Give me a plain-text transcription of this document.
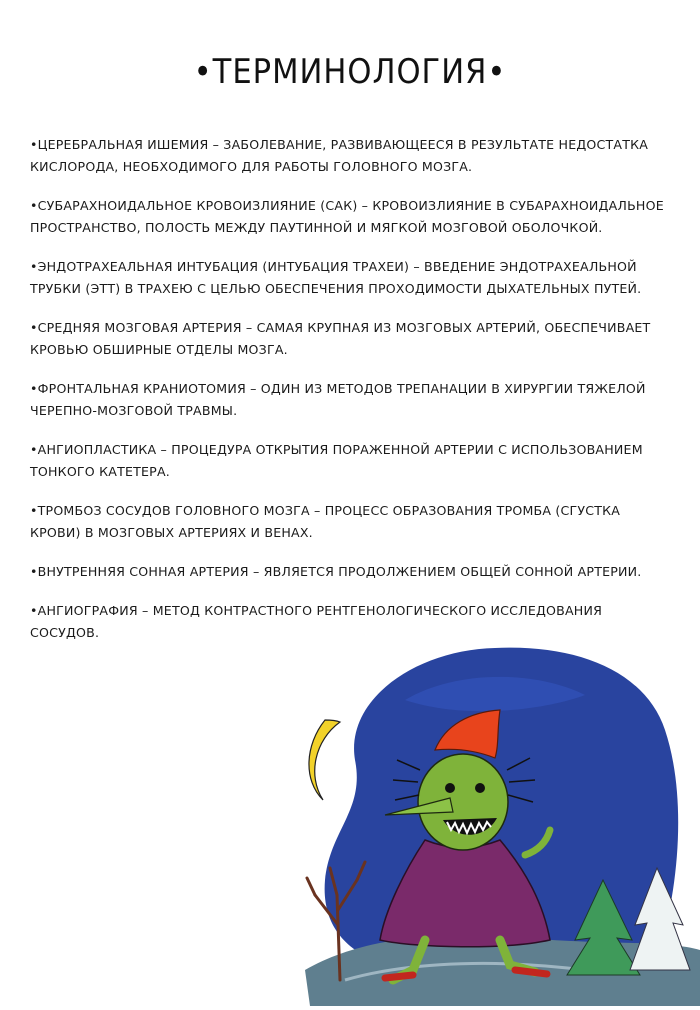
•ТЕРМИНОЛОГИЯ•

•ЦЕРЕБРАЛЬНАЯ ИШЕМИЯ – ЗАБОЛЕВАНИЕ, РАЗВИВАЮЩЕЕСЯ В РЕЗУЛЬТАТЕ НЕДОСТАТКА КИСЛОРОДА, НЕОБХОДИМОГО ДЛЯ РАБОТЫ ГОЛОВНОГО МОЗГА.

•СУБАРАХНОИДАЛЬНОЕ КРОВОИЗЛИЯНИЕ (САК) – КРОВОИЗЛИЯНИЕ В СУБАРАХНОИДАЛЬНОЕ ПРОСТРАНСТВО, ПОЛОСТЬ МЕЖДУ ПАУТИННОЙ И МЯГКОЙ МОЗГОВОЙ ОБОЛОЧКОЙ.

•ЭНДОТРАХЕАЛЬНАЯ ИНТУБАЦИЯ (ИНТУБАЦИЯ ТРАХЕИ) – ВВЕДЕНИЕ ЭНДОТРАХЕАЛЬНОЙ ТРУБКИ (ЭТТ) В ТРАХЕЮ С ЦЕЛЬЮ ОБЕСПЕЧЕНИЯ ПРОХОДИМОСТИ ДЫХАТЕЛЬНЫХ ПУТЕЙ.

•СРЕДНЯЯ МОЗГОВАЯ АРТЕРИЯ – САМАЯ КРУПНАЯ ИЗ МОЗГОВЫХ АРТЕРИЙ, ОБЕСПЕЧИВАЕТ КРОВЬЮ ОБШИРНЫЕ ОТДЕЛЫ МОЗГА.

•ФРОНТАЛЬНАЯ КРАНИОТОМИЯ – ОДИН ИЗ МЕТОДОВ ТРЕПАНАЦИИ В ХИРУРГИИ ТЯЖЕЛОЙ ЧЕРЕПНО-МОЗГОВОЙ ТРАВМЫ.

•АНГИОПЛАСТИКА – ПРОЦЕДУРА ОТКРЫТИЯ ПОРАЖЕННОЙ АРТЕРИИ С ИСПОЛЬЗОВАНИЕМ ТОНКОГО КАТЕТЕРА.

•ТРОМБОЗ СОСУДОВ ГОЛОВНОГО МОЗГА – ПРОЦЕСС ОБРАЗОВАНИЯ ТРОМБА (СГУСТКА КРОВИ) В МОЗГОВЫХ АРТЕРИЯХ И ВЕНАХ.

•ВНУТРЕННЯЯ СОННАЯ АРТЕРИЯ – ЯВЛЯЕТСЯ ПРОДОЛЖЕНИЕМ ОБЩЕЙ СОННОЙ АРТЕРИИ.

•АНГИОГРАФИЯ – МЕТОД КОНТРАСТНОГО РЕНТГЕНОЛОГИЧЕСКОГО ИССЛЕДОВАНИЯ СОСУДОВ.
